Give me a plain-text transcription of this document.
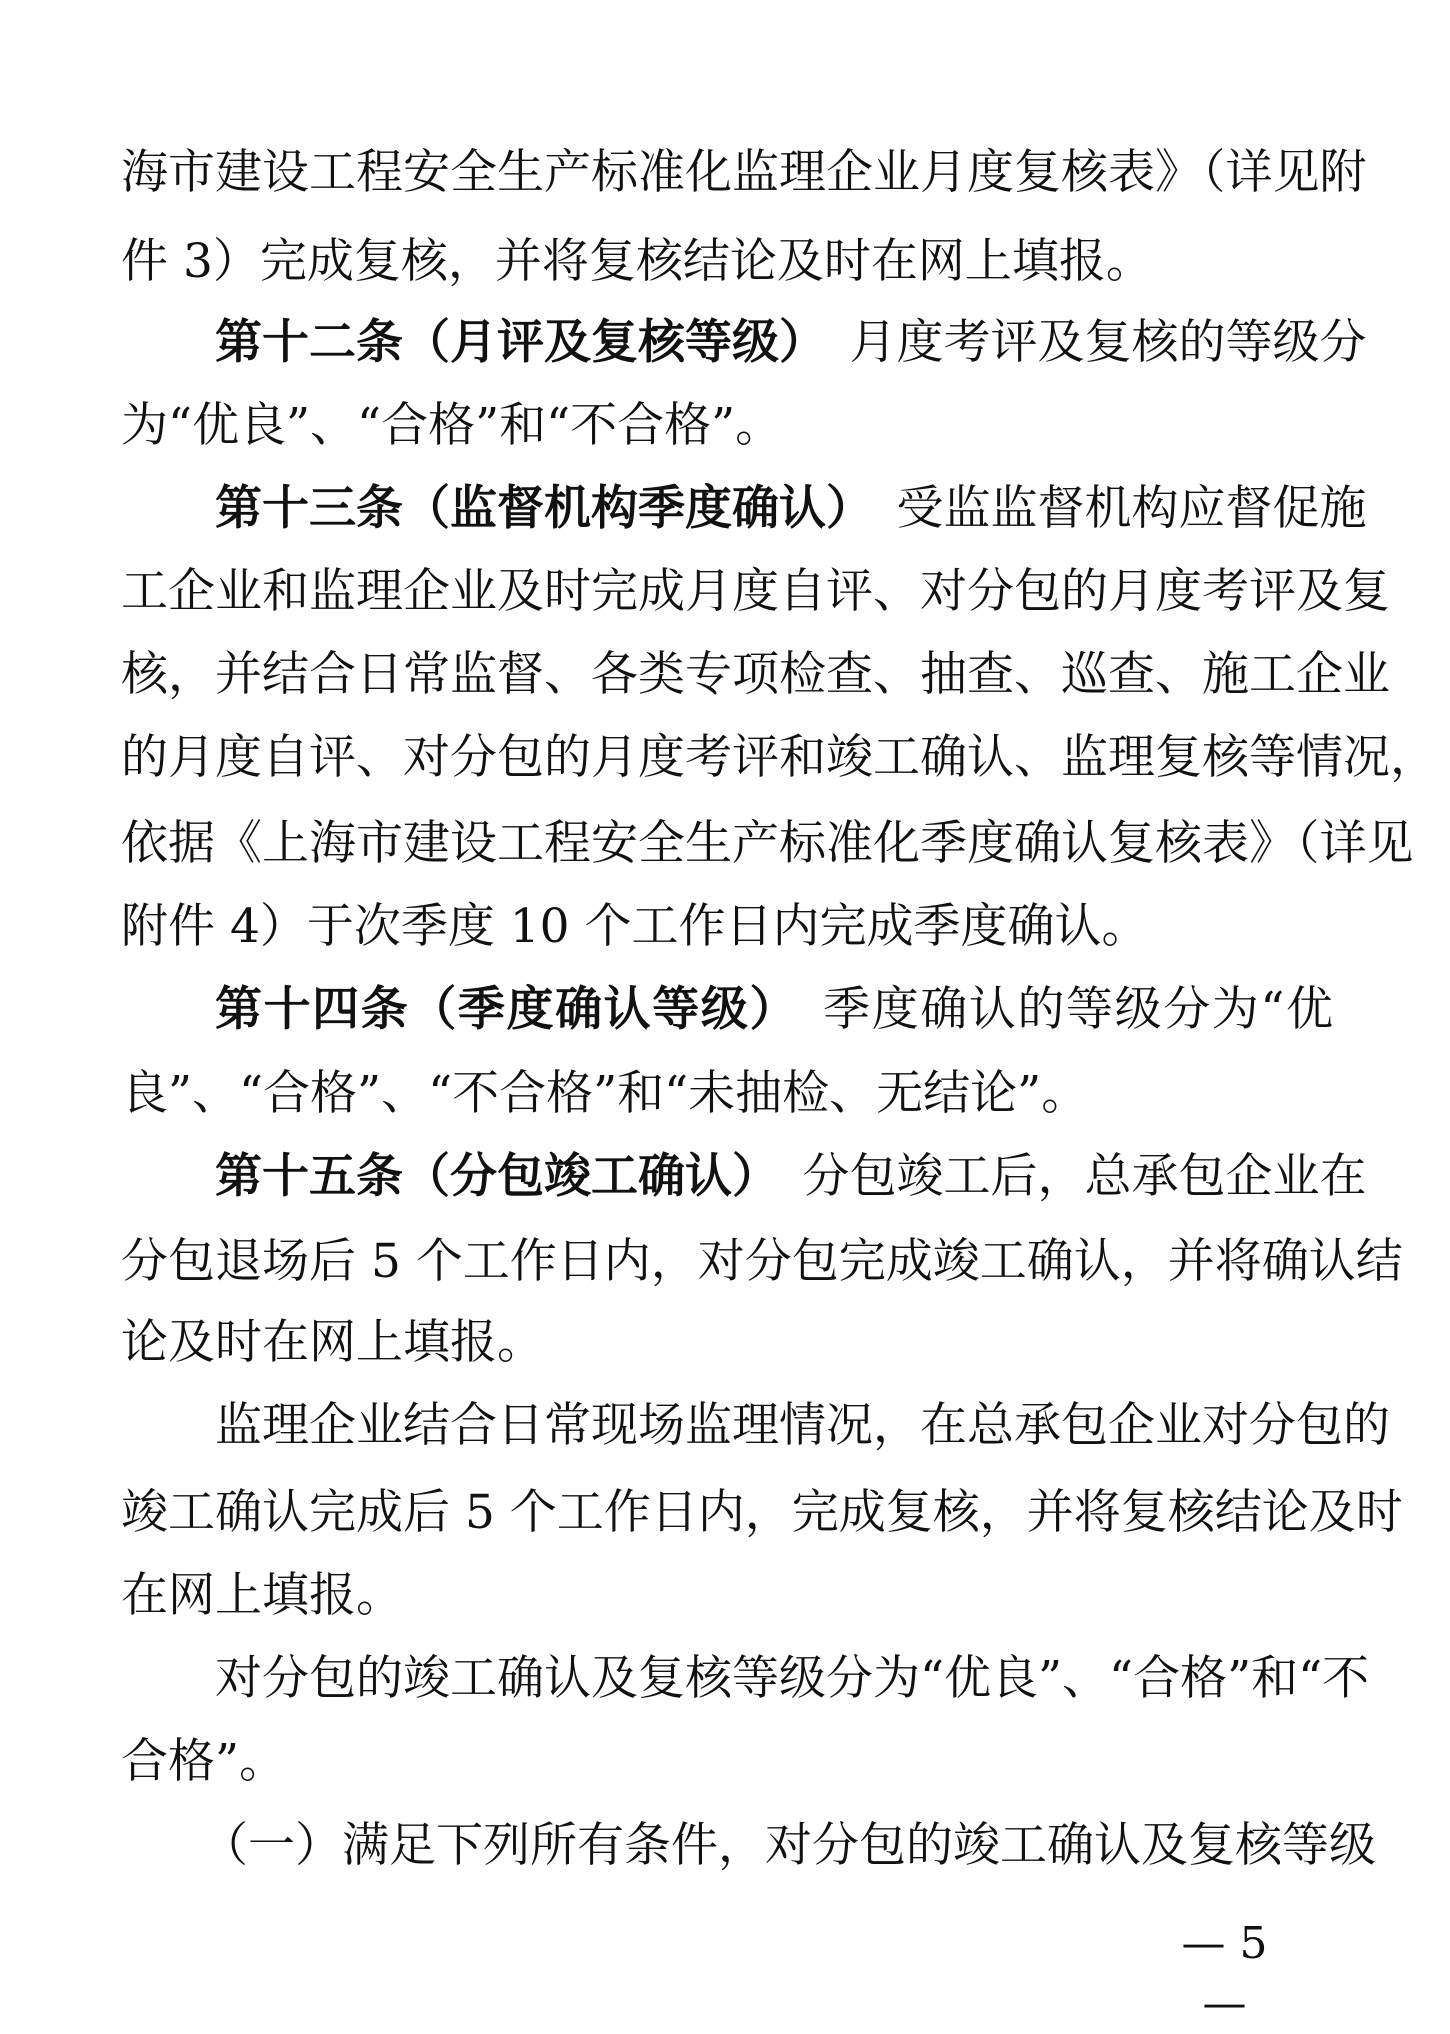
海市建设工程安全生产标准化监理企业月度复核表》（详见附
件 3）完成复核，并将复核结论及时在网上填报。
第十二条（月评及复核等级）　月度考评及复核的等级分
为“优良”、“合格”和“不合格”。
第十三条（监督机构季度确认）　受监监督机构应督促施
工企业和监理企业及时完成月度自评、对分包的月度考评及复
核，并结合日常监督、各类专项检查、抽查、巡查、施工企业
的月度自评、对分包的月度考评和竣工确认、监理复核等情况，
依据《上海市建设工程安全生产标准化季度确认复核表》（详见
附件 4）于次季度 10 个工作日内完成季度确认。
第十四条（季度确认等级）　季度确认的等级分为“优
良”、“合格”、“不合格”和“未抽检、无结论”。
第十五条（分包竣工确认）　分包竣工后，总承包企业在
分包退场后 5 个工作日内，对分包完成竣工确认，并将确认结
论及时在网上填报。
监理企业结合日常现场监理情况，在总承包企业对分包的
竣工确认完成后 5 个工作日内，完成复核，并将复核结论及时
在网上填报。
对分包的竣工确认及复核等级分为“优良”、“合格”和“不
合格”。
（一）满足下列所有条件，对分包的竣工确认及复核等级
— 5 —
